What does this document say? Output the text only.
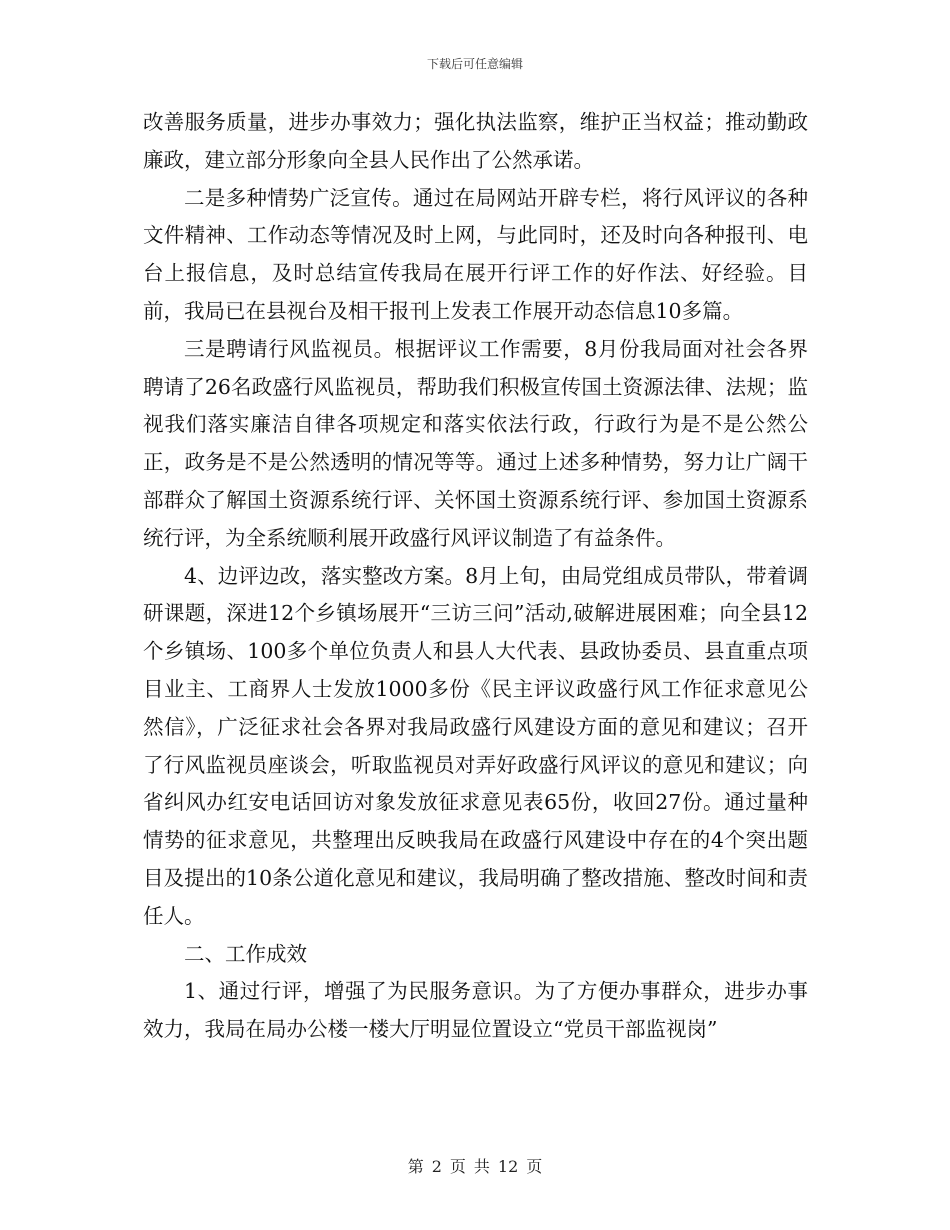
下载后可任意编辑

改善服务质量，进步办事效力；强化执法监察，维护正当权益；推动勤政廉政，建立部分形象向全县人民作出了公然承诺。

二是多种情势广泛宣传。通过在局网站开辟专栏，将行风评议的各种文件精神、工作动态等情况及时上网，与此同时，还及时向各种报刊、电台上报信息，及时总结宣传我局在展开行评工作的好作法、好经验。目前，我局已在县视台及相干报刊上发表工作展开动态信息10多篇。

三是聘请行风监视员。根据评议工作需要，8月份我局面对社会各界聘请了26名政盛行风监视员，帮助我们积极宣传国土资源法律、法规；监视我们落实廉洁自律各项规定和落实依法行政，行政行为是不是公然公正，政务是不是公然透明的情况等等。通过上述多种情势，努力让广阔干部群众了解国土资源系统行评、关怀国土资源系统行评、参加国土资源系统行评，为全系统顺利展开政盛行风评议制造了有益条件。

4、边评边改，落实整改方案。8月上旬，由局党组成员带队，带着调研课题，深进12个乡镇场展开“三访三问”活动,破解进展困难；向全县12个乡镇场、100多个单位负责人和县人大代表、县政协委员、县直重点项目业主、工商界人士发放1000多份《民主评议政盛行风工作征求意见公然信》，广泛征求社会各界对我局政盛行风建设方面的意见和建议；召开了行风监视员座谈会，听取监视员对弄好政盛行风评议的意见和建议；向省纠风办红安电话回访对象发放征求意见表65份，收回27份。通过量种情势的征求意见，共整理出反映我局在政盛行风建设中存在的4个突出题目及提出的10条公道化意见和建议，我局明确了整改措施、整改时间和责任人。

二、工作成效

1、通过行评，增强了为民服务意识。为了方便办事群众，进步办事效力，我局在局办公楼一楼大厅明显位置设立“党员干部监视岗”

第 2 页 共 12 页
